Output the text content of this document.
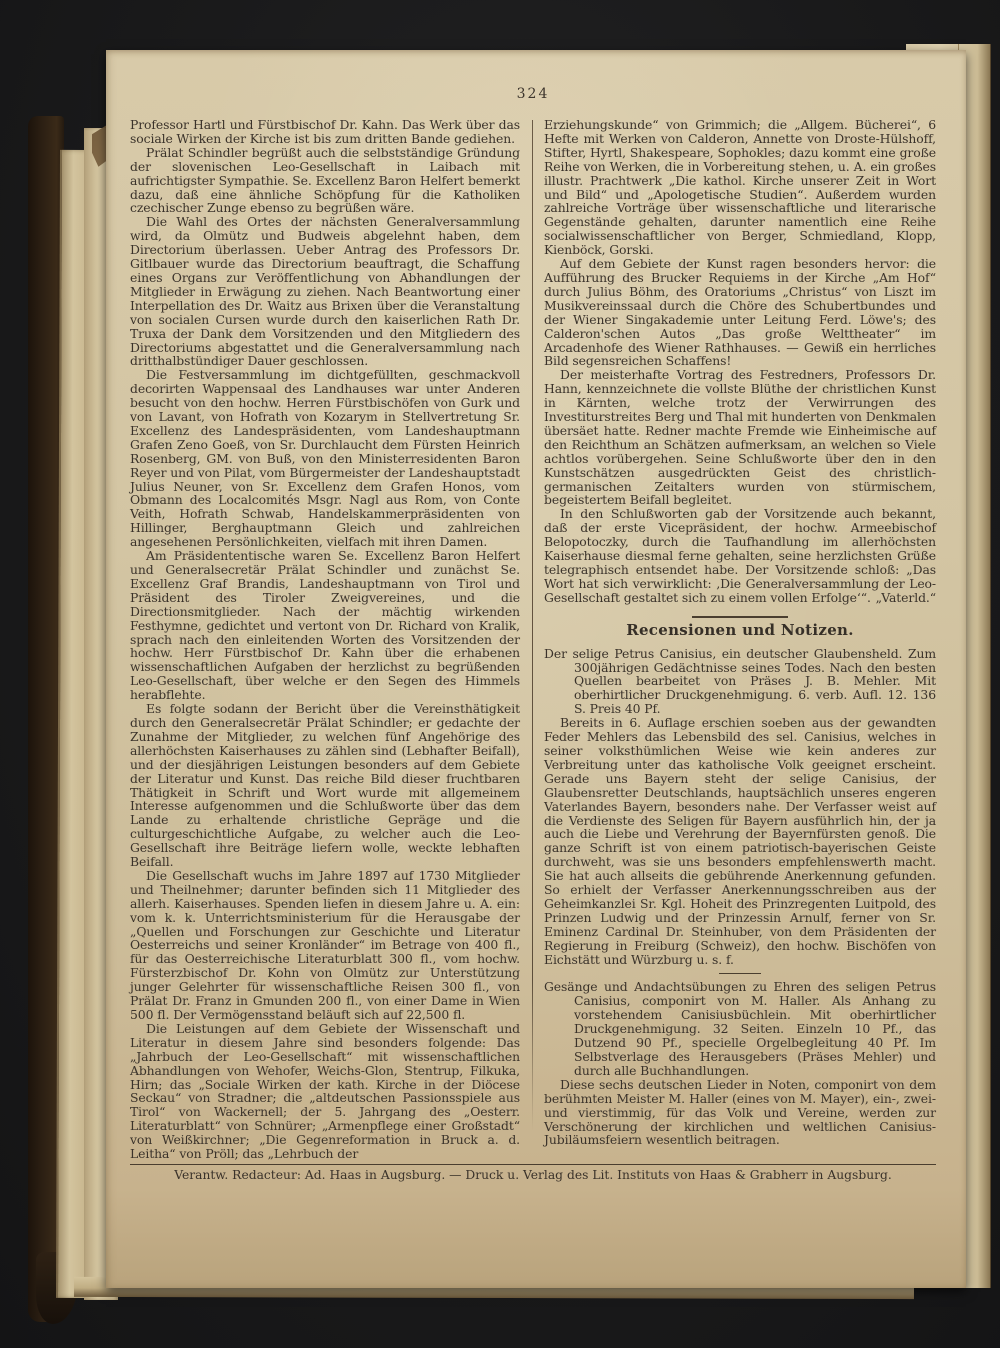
324

Professor Hartl und Fürstbischof Dr. Kahn. Das Werk über das sociale Wirken der Kirche ist bis zum dritten Bande gediehen.

Prälat Schindler begrüßt auch die selbstständige Gründung der slovenischen Leo-Gesellschaft in Laibach mit aufrichtigster Sympathie. Se. Excellenz Baron Helfert bemerkt dazu, daß eine ähnliche Schöpfung für die Katholiken czechischer Zunge ebenso zu begrüßen wäre.

Die Wahl des Ortes der nächsten Generalversammlung wird, da Olmütz und Budweis abgelehnt haben, dem Directorium überlassen. Ueber Antrag des Professors Dr. Gitlbauer wurde das Directorium beauftragt, die Schaffung eines Organs zur Veröffentlichung von Abhandlungen der Mitglieder in Erwägung zu ziehen. Nach Beantwortung einer Interpellation des Dr. Waitz aus Brixen über die Veranstaltung von socialen Cursen wurde durch den kaiserlichen Rath Dr. Truxa der Dank dem Vorsitzenden und den Mitgliedern des Directoriums abgestattet und die Generalversammlung nach dritthalbstündiger Dauer geschlossen.

Die Festversammlung im dichtgefüllten, geschmackvoll decorirten Wappensaal des Landhauses war unter Anderen besucht von den hochw. Herren Fürstbischöfen von Gurk und von Lavant, von Hofrath von Kozarym in Stellvertretung Sr. Excellenz des Landespräsidenten, vom Landeshauptmann Grafen Zeno Goeß, von Sr. Durchlaucht dem Fürsten Heinrich Rosenberg, GM. von Buß, von den Ministerresidenten Baron Reyer und von Pilat, vom Bürgermeister der Landeshauptstadt Julius Neuner, von Sr. Excellenz dem Grafen Honos, vom Obmann des Localcomités Msgr. Nagl aus Rom, von Conte Veith, Hofrath Schwab, Handelskammerpräsidenten von Hillinger, Berghauptmann Gleich und zahlreichen angesehenen Persönlichkeiten, vielfach mit ihren Damen.

Am Präsidententische waren Se. Excellenz Baron Helfert und Generalsecretär Prälat Schindler und zunächst Se. Excellenz Graf Brandis, Landeshauptmann von Tirol und Präsident des Tiroler Zweigvereines, und die Directionsmitglieder. Nach der mächtig wirkenden Festhymne, gedichtet und vertont von Dr. Richard von Kralik, sprach nach den einleitenden Worten des Vorsitzenden der hochw. Herr Fürstbischof Dr. Kahn über die erhabenen wissenschaftlichen Aufgaben der herzlichst zu begrüßenden Leo-Gesellschaft, über welche er den Segen des Himmels herabflehte.

Es folgte sodann der Bericht über die Vereinsthätigkeit durch den Generalsecretär Prälat Schindler; er gedachte der Zunahme der Mitglieder, zu welchen fünf Angehörige des allerhöchsten Kaiserhauses zu zählen sind (Lebhafter Beifall), und der diesjährigen Leistungen besonders auf dem Gebiete der Literatur und Kunst. Das reiche Bild dieser fruchtbaren Thätigkeit in Schrift und Wort wurde mit allgemeinem Interesse aufgenommen und die Schlußworte über das dem Lande zu erhaltende christliche Gepräge und die culturgeschichtliche Aufgabe, zu welcher auch die Leo-Gesellschaft ihre Beiträge liefern wolle, weckte lebhaften Beifall.

Die Gesellschaft wuchs im Jahre 1897 auf 1730 Mitglieder und Theilnehmer; darunter befinden sich 11 Mitglieder des allerh. Kaiserhauses. Spenden liefen in diesem Jahre u. A. ein: vom k. k. Unterrichtsministerium für die Herausgabe der „Quellen und Forschungen zur Geschichte und Literatur Oesterreichs und seiner Kronländer“ im Betrage von 400 fl., für das Oesterreichische Literaturblatt 300 fl., vom hochw. Fürsterzbischof Dr. Kohn von Olmütz zur Unterstützung junger Gelehrter für wissenschaftliche Reisen 300 fl., von Prälat Dr. Franz in Gmunden 200 fl., von einer Dame in Wien 500 fl. Der Vermögensstand beläuft sich auf 22,500 fl.

Die Leistungen auf dem Gebiete der Wissenschaft und Literatur in diesem Jahre sind besonders folgende: Das „Jahrbuch der Leo-Gesellschaft“ mit wissenschaftlichen Abhandlungen von Wehofer, Weichs-Glon, Stentrup, Filkuka, Hirn; das „Sociale Wirken der kath. Kirche in der Diöcese Seckau“ von Stradner; die „altdeutschen Passionsspiele aus Tirol“ von Wackernell; der 5. Jahrgang des „Oesterr. Literaturblatt“ von Schnürer; „Armenpflege einer Großstadt“ von Weißkirchner; „Die Gegenreformation in Bruck a. d. Leitha“ von Pröll; das „Lehrbuch der

Erziehungskunde“ von Grimmich; die „Allgem. Bücherei“, 6 Hefte mit Werken von Calderon, Annette von Droste-Hülshoff, Stifter, Hyrtl, Shakespeare, Sophokles; dazu kommt eine große Reihe von Werken, die in Vorbereitung stehen, u. A. ein großes illustr. Prachtwerk „Die kathol. Kirche unserer Zeit in Wort und Bild“ und „Apologetische Studien“. Außerdem wurden zahlreiche Vorträge über wissenschaftliche und literarische Gegenstände gehalten, darunter namentlich eine Reihe socialwissenschaftlicher von Berger, Schmiedland, Klopp, Kienböck, Gorski.

Auf dem Gebiete der Kunst ragen besonders hervor: die Aufführung des Brucker Requiems in der Kirche „Am Hof“ durch Julius Böhm, des Oratoriums „Christus“ von Liszt im Musikvereinssaal durch die Chöre des Schubertbundes und der Wiener Singakademie unter Leitung Ferd. Löwe's; des Calderon'schen Autos „Das große Welttheater“ im Arcadenhofe des Wiener Rathhauses. — Gewiß ein herrliches Bild segensreichen Schaffens!

Der meisterhafte Vortrag des Festredners, Professors Dr. Hann, kennzeichnete die vollste Blüthe der christlichen Kunst in Kärnten, welche trotz der Verwirrungen des Investiturstreites Berg und Thal mit hunderten von Denkmalen übersäet hatte. Redner machte Fremde wie Einheimische auf den Reichthum an Schätzen aufmerksam, an welchen so Viele achtlos vorübergehen. Seine Schlußworte über den in den Kunstschätzen ausgedrückten Geist des christlich-germanischen Zeitalters wurden von stürmischem, begeistertem Beifall begleitet.

In den Schlußworten gab der Vorsitzende auch bekannt, daß der erste Vicepräsident, der hochw. Armeebischof Belopotoczky, durch die Taufhandlung im allerhöchsten Kaiserhause diesmal ferne gehalten, seine herzlichsten Grüße telegraphisch entsendet habe. Der Vorsitzende schloß: „Das Wort hat sich verwirklicht: ‚Die Generalversammlung der Leo-Gesellschaft gestaltet sich zu einem vollen Erfolge‘“. „Vaterld.“

Recensionen und Notizen.

Der selige Petrus Canisius, ein deutscher Glaubensheld. Zum 300jährigen Gedächtnisse seines Todes. Nach den besten Quellen bearbeitet von Präses J. B. Mehler. Mit oberhirtlicher Druckgenehmigung. 6. verb. Aufl. 12. 136 S. Preis 40 Pf.

Bereits in 6. Auflage erschien soeben aus der gewandten Feder Mehlers das Lebensbild des sel. Canisius, welches in seiner volksthümlichen Weise wie kein anderes zur Verbreitung unter das katholische Volk geeignet erscheint. Gerade uns Bayern steht der selige Canisius, der Glaubensretter Deutschlands, hauptsächlich unseres engeren Vaterlandes Bayern, besonders nahe. Der Verfasser weist auf die Verdienste des Seligen für Bayern ausführlich hin, der ja auch die Liebe und Verehrung der Bayernfürsten genoß. Die ganze Schrift ist von einem patriotisch-bayerischen Geiste durchweht, was sie uns besonders empfehlenswerth macht. Sie hat auch allseits die gebührende Anerkennung gefunden. So erhielt der Verfasser Anerkennungsschreiben aus der Geheimkanzlei Sr. Kgl. Hoheit des Prinzregenten Luitpold, des Prinzen Ludwig und der Prinzessin Arnulf, ferner von Sr. Eminenz Cardinal Dr. Steinhuber, von dem Präsidenten der Regierung in Freiburg (Schweiz), den hochw. Bischöfen von Eichstätt und Würzburg u. s. f.

Gesänge und Andachtsübungen zu Ehren des seligen Petrus Canisius, componirt von M. Haller. Als Anhang zu vorstehendem Canisiusbüchlein. Mit oberhirtlicher Druckgenehmigung. 32 Seiten. Einzeln 10 Pf., das Dutzend 90 Pf., specielle Orgelbegleitung 40 Pf. Im Selbstverlage des Herausgebers (Präses Mehler) und durch alle Buchhandlungen.

Diese sechs deutschen Lieder in Noten, componirt von dem berühmten Meister M. Haller (eines von M. Mayer), ein-, zwei- und vierstimmig, für das Volk und Vereine, werden zur Verschönerung der kirchlichen und weltlichen Canisius-Jubiläumsfeiern wesentlich beitragen.

Verantw. Redacteur: Ad. Haas in Augsburg. — Druck u. Verlag des Lit. Instituts von Haas & Grabherr in Augsburg.
